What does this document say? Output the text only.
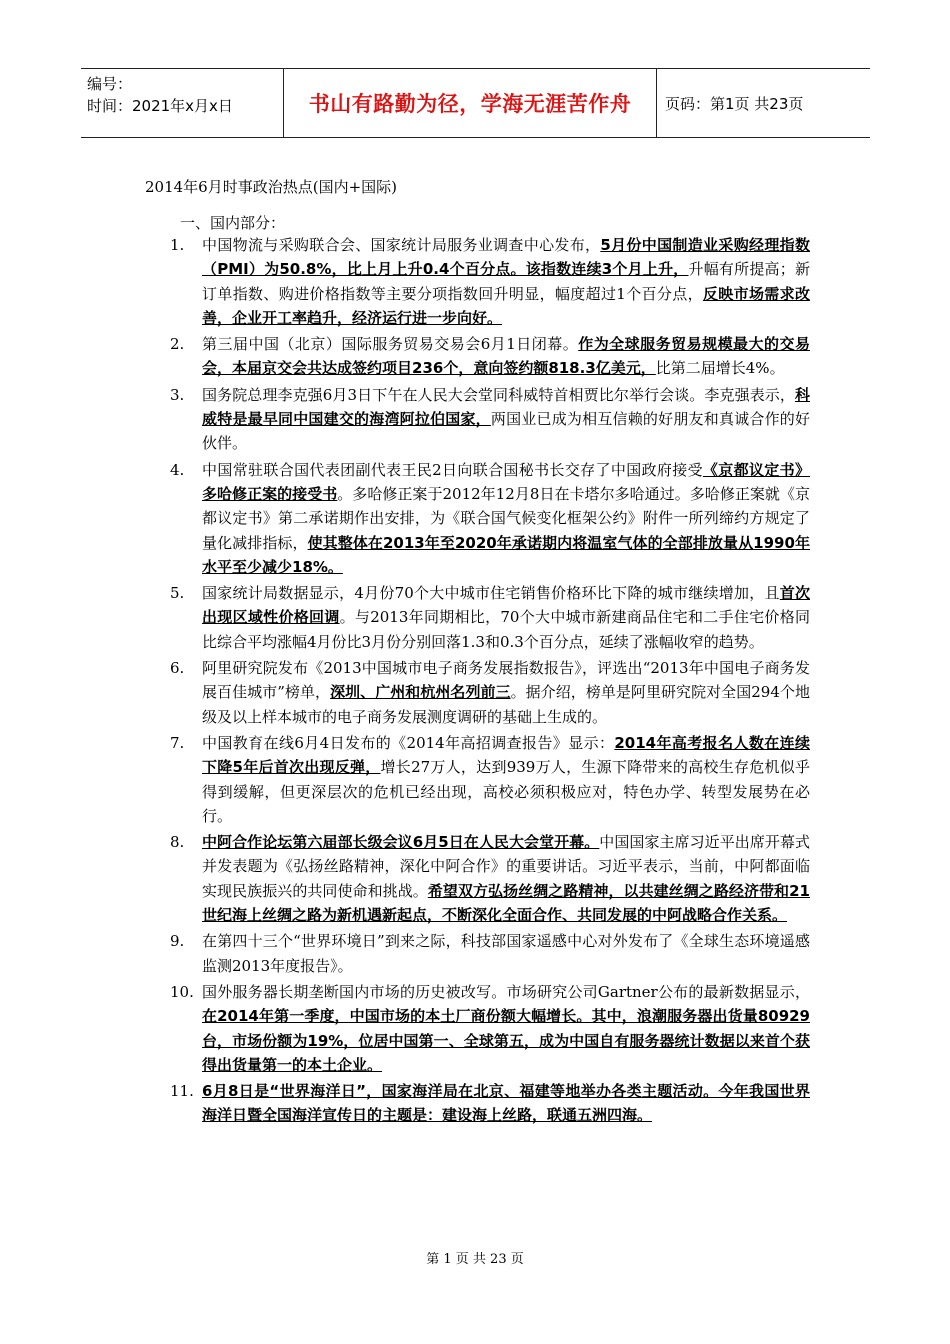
编号：
时间：2021年x月x日	书山有路勤为径，学海无涯苦作舟	页码：第1页 共23页
2014年6月时事政治热点(国内+国际)
一、国内部分：
1.	中国物流与采购联合会、国家统计局服务业调查中心发布，5月份中国制造业采购经理指数（PMI）为50.8%，比上月上升0.4个百分点。该指数连续3个月上升，升幅有所提高；新订单指数、购进价格指数等主要分项指数回升明显，幅度超过1个百分点，反映市场需求改善，企业开工率趋升，经济运行进一步向好。
2.	第三届中国（北京）国际服务贸易交易会6月1日闭幕。作为全球服务贸易规模最大的交易会，本届京交会共达成签约项目236个，意向签约额818.3亿美元，比第二届增长4%。
3.	国务院总理李克强6月3日下午在人民大会堂同科威特首相贾比尔举行会谈。李克强表示，科威特是最早同中国建交的海湾阿拉伯国家，两国业已成为相互信赖的好朋友和真诚合作的好伙伴。
4.	中国常驻联合国代表团副代表王民2日向联合国秘书长交存了中国政府接受《京都议定书》多哈修正案的接受书。多哈修正案于2012年12月8日在卡塔尔多哈通过。多哈修正案就《京都议定书》第二承诺期作出安排，为《联合国气候变化框架公约》附件一所列缔约方规定了量化减排指标，使其整体在2013年至2020年承诺期内将温室气体的全部排放量从1990年水平至少减少18%。
5.	国家统计局数据显示，4月份70个大中城市住宅销售价格环比下降的城市继续增加，且首次出现区域性价格回调。与2013年同期相比，70个大中城市新建商品住宅和二手住宅价格同比综合平均涨幅4月份比3月份分别回落1.3和0.3个百分点，延续了涨幅收窄的趋势。
6.	阿里研究院发布《2013中国城市电子商务发展指数报告》，评选出“2013年中国电子商务发展百佳城市”榜单，深圳、广州和杭州名列前三。据介绍，榜单是阿里研究院对全国294个地级及以上样本城市的电子商务发展测度调研的基础上生成的。
7.	中国教育在线6月4日发布的《2014年高招调查报告》显示：2014年高考报名人数在连续下降5年后首次出现反弹，增长27万人，达到939万人，生源下降带来的高校生存危机似乎得到缓解，但更深层次的危机已经出现，高校必须积极应对，特色办学、转型发展势在必行。
8.	中阿合作论坛第六届部长级会议6月5日在人民大会堂开幕。中国国家主席习近平出席开幕式并发表题为《弘扬丝路精神，深化中阿合作》的重要讲话。习近平表示，当前，中阿都面临实现民族振兴的共同使命和挑战。希望双方弘扬丝绸之路精神，以共建丝绸之路经济带和21世纪海上丝绸之路为新机遇新起点，不断深化全面合作、共同发展的中阿战略合作关系。
9.	在第四十三个“世界环境日”到来之际，科技部国家遥感中心对外发布了《全球生态环境遥感监测2013年度报告》。
10. 国外服务器长期垄断国内市场的历史被改写。市场研究公司Gartner公布的最新数据显示，在2014年第一季度，中国市场的本土厂商份额大幅增长。其中，浪潮服务器出货量80929台，市场份额为19%，位居中国第一、全球第五，成为中国自有服务器统计数据以来首个获得出货量第一的本土企业。
11. 6月8日是“世界海洋日”，国家海洋局在北京、福建等地举办各类主题活动。今年我国世界海洋日暨全国海洋宣传日的主题是：建设海上丝路，联通五洲四海。
第 1 页 共 23 页
